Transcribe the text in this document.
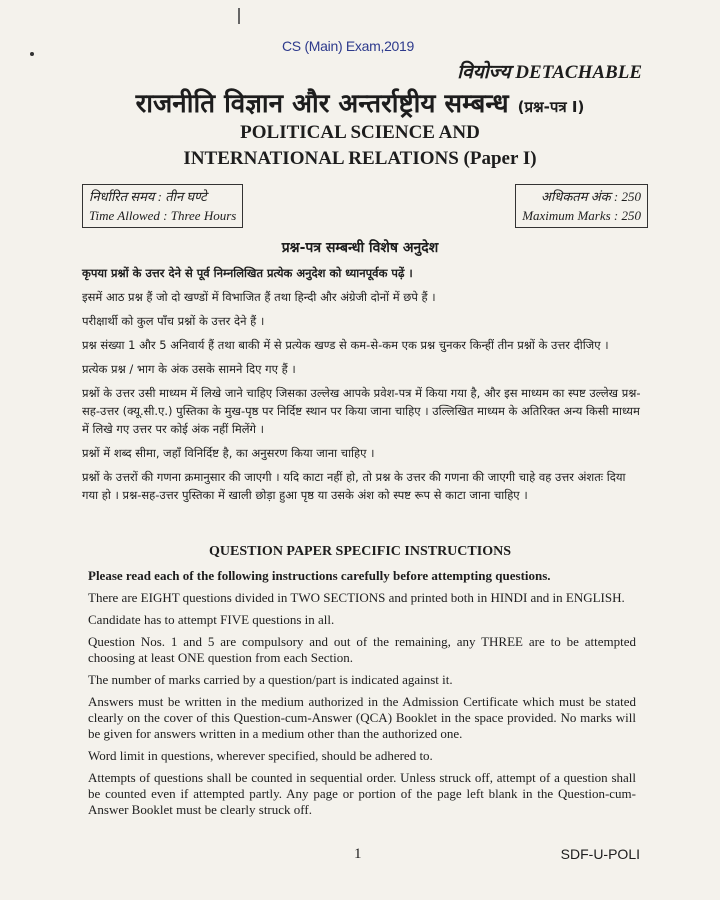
CS (Main) Exam,2019
वियोज्य DETACHABLE
राजनीति विज्ञान और अन्तर्राष्ट्रीय सम्बन्ध (प्रश्न-पत्र I)
POLITICAL SCIENCE AND
INTERNATIONAL RELATIONS (Paper I)
निर्धारित समय : तीन घण्टे
Time Allowed : Three Hours
अधिकतम अंक : 250
Maximum Marks : 250
प्रश्न-पत्र सम्बन्धी विशेष अनुदेश

कृपया प्रश्नों के उत्तर देने से पूर्व निम्नलिखित प्रत्येक अनुदेश को ध्यानपूर्वक पढ़ें ।

इसमें आठ प्रश्न हैं जो दो खण्डों में विभाजित हैं तथा हिन्दी और अंग्रेजी दोनों में छपे हैं ।

परीक्षार्थी को कुल पाँच प्रश्नों के उत्तर देने हैं ।

प्रश्न संख्या 1 और 5 अनिवार्य हैं तथा बाकी में से प्रत्येक खण्ड से कम-से-कम एक प्रश्न चुनकर किन्हीं तीन प्रश्नों के उत्तर दीजिए ।

प्रत्येक प्रश्न / भाग के अंक उसके सामने दिए गए हैं ।

प्रश्नों के उत्तर उसी माध्यम में लिखे जाने चाहिए जिसका उल्लेख आपके प्रवेश-पत्र में किया गया है, और इस माध्यम का स्पष्ट उल्लेख प्रश्न-सह-उत्तर (क्यू.सी.ए.) पुस्तिका के मुख-पृष्ठ पर निर्दिष्ट स्थान पर किया जाना चाहिए । उल्लिखित माध्यम के अतिरिक्त अन्य किसी माध्यम में लिखे गए उत्तर पर कोई अंक नहीं मिलेंगे ।

प्रश्नों में शब्द सीमा, जहाँ विनिर्दिष्ट है, का अनुसरण किया जाना चाहिए ।

प्रश्नों के उत्तरों की गणना क्रमानुसार की जाएगी । यदि काटा नहीं हो, तो प्रश्न के उत्तर की गणना की जाएगी चाहे वह उत्तर अंशतः दिया गया हो । प्रश्न-सह-उत्तर पुस्तिका में खाली छोड़ा हुआ पृष्ठ या उसके अंश को स्पष्ट रूप से काटा जाना चाहिए ।

QUESTION PAPER SPECIFIC INSTRUCTIONS

Please read each of the following instructions carefully before attempting questions.

There are EIGHT questions divided in TWO SECTIONS and printed both in HINDI and in ENGLISH.

Candidate has to attempt FIVE questions in all.

Question Nos. 1 and 5 are compulsory and out of the remaining, any THREE are to be attempted choosing at least ONE question from each Section.

The number of marks carried by a question/part is indicated against it.

Answers must be written in the medium authorized in the Admission Certificate which must be stated clearly on the cover of this Question-cum-Answer (QCA) Booklet in the space provided. No marks will be given for answers written in a medium other than the authorized one.

Word limit in questions, wherever specified, should be adhered to.

Attempts of questions shall be counted in sequential order. Unless struck off, attempt of a question shall be counted even if attempted partly. Any page or portion of the page left blank in the Question-cum-Answer Booklet must be clearly struck off.

1	SDF-U-POLI
